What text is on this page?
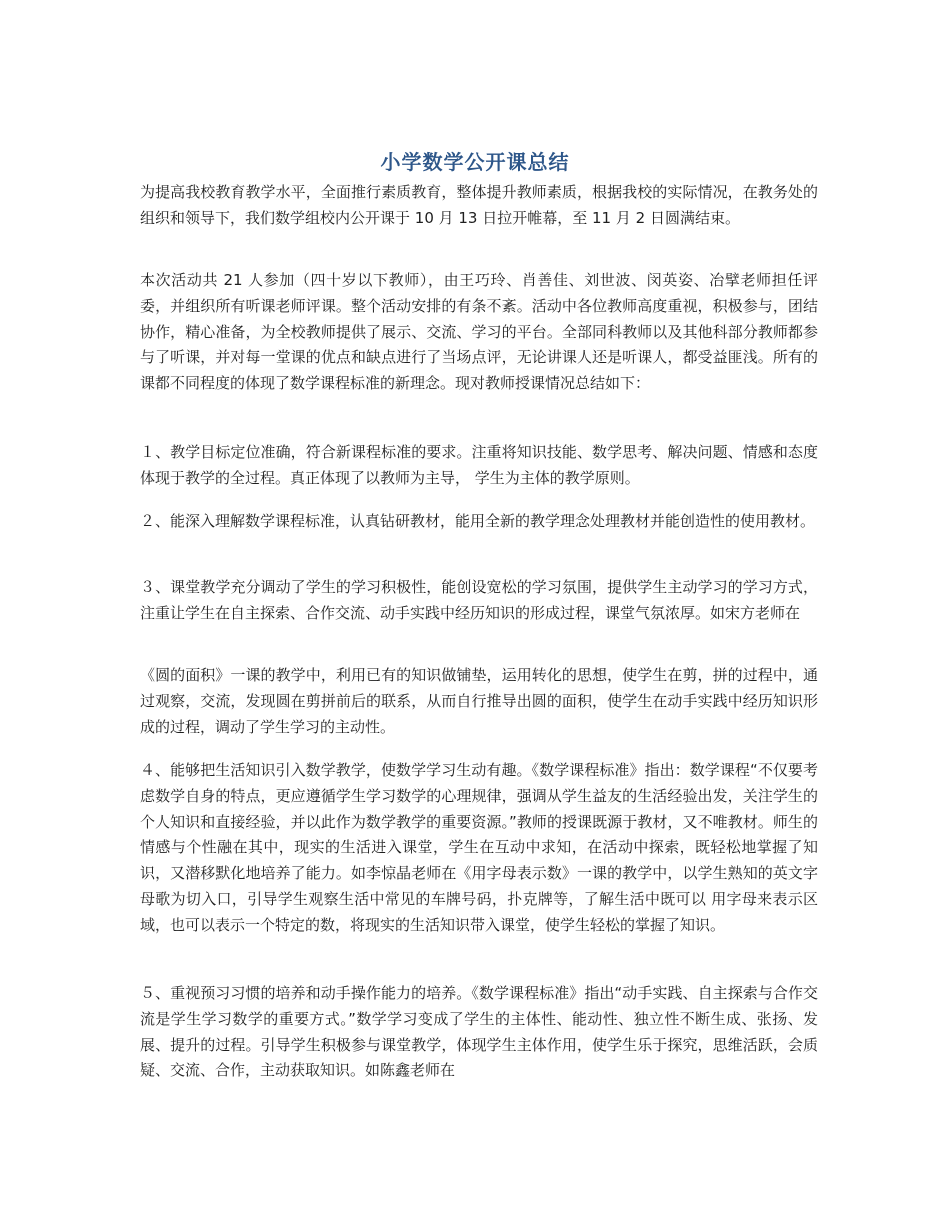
小学数学公开课总结

为提高我校教育教学水平，全面推行素质教育，整体提升教师素质，根据我校的实际情况，在教务处的组织和领导下，我们数学组校内公开课于 10 月 13 日拉开帷幕，至 11 月 2 日圆满结束。

本次活动共 21 人参加（四十岁以下教师），由王巧玲、肖善佳、刘世波、闵英姿、冶擘老师担任评委，并组织所有听课老师评课。整个活动安排的有条不紊。活动中各位教师高度重视，积极参与，团结协作，精心准备，为全校教师提供了展示、交流、学习的平台。全部同科教师以及其他科部分教师都参与了听课，并对每一堂课的优点和缺点进行了当场点评，无论讲课人还是听课人，都受益匪浅。所有的课都不同程度的体现了数学课程标准的新理念。现对教师授课情况总结如下：

１、教学目标定位准确，符合新课程标准的要求。注重将知识技能、数学思考、解决问题、情感和态度体现于教学的全过程。真正体现了以教师为主导， 学生为主体的教学原则。

２、能深入理解数学课程标准，认真钻研教材，能用全新的教学理念处理教材并能创造性的使用教材。

３、课堂教学充分调动了学生的学习积极性，能创设宽松的学习氛围，提供学生主动学习的学习方式，注重让学生在自主探索、合作交流、动手实践中经历知识的形成过程，课堂气氛浓厚。如宋方老师在

《圆的面积》一课的教学中，利用已有的知识做铺垫，运用转化的思想，使学生在剪，拼的过程中，通过观察，交流，发现圆在剪拼前后的联系，从而自行推导出圆的面积，使学生在动手实践中经历知识形成的过程，调动了学生学习的主动性。

４、能够把生活知识引入数学教学，使数学学习生动有趣。《数学课程标准》指出：数学课程“不仅要考虑数学自身的特点，更应遵循学生学习数学的心理规律，强调从学生益友的生活经验出发，关注学生的个人知识和直接经验，并以此作为数学教学的重要资源。”教师的授课既源于教材，又不唯教材。师生的情感与个性融在其中，现实的生活进入课堂，学生在互动中求知，在活动中探索，既轻松地掌握了知识，又潜移默化地培养了能力。如李惊晶老师在《用字母表示数》一课的教学中，以学生熟知的英文字母歌为切入口，引导学生观察生活中常见的车牌号码，扑克牌等，了解生活中既可以 用字母来表示区域，也可以表示一个特定的数，将现实的生活知识带入课堂，使学生轻松的掌握了知识。

５、重视预习习惯的培养和动手操作能力的培养。《数学课程标准》指出“动手实践、自主探索与合作交流是学生学习数学的重要方式。”数学学习变成了学生的主体性、能动性、独立性不断生成、张扬、发展、提升的过程。引导学生积极参与课堂教学，体现学生主体作用，使学生乐于探究，思维活跃，会质疑、交流、合作，主动获取知识。如陈鑫老师在
